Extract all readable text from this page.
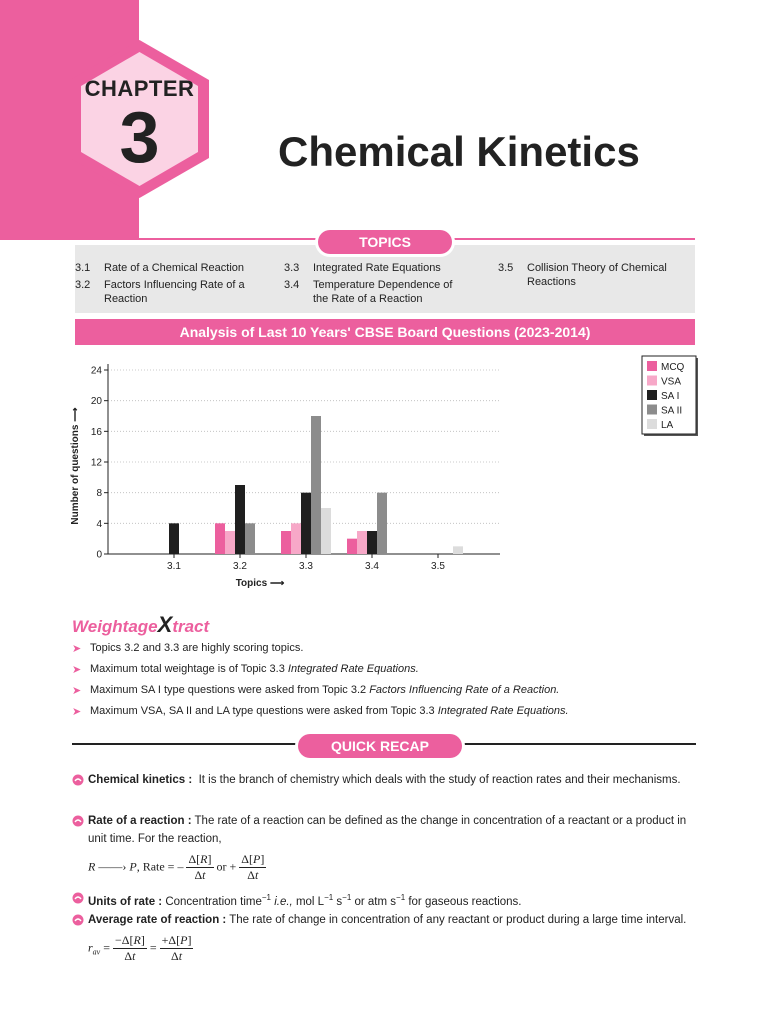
CHAPTER
3	Chemical Kinetics
3.1 Rate of a Chemical Reaction
3.2 Factors Influencing Rate of a Reaction
3.3 Integrated Rate Equations
3.4 Temperature Dependence of the Rate of a Reaction
3.5 Collision Theory of Chemical Reactions
TOPICS
Analysis of Last 10 Years' CBSE Board Questions (2023-2014)
0
4
8
12
16
20
24
3.1	3.2	3.3	3.4	3.5
Topics ⟶
Number of questions ⟶
MCQ
VSA
SA I
SA II
LA
WeightageXtract
➤ Topics 3.2 and 3.3 are highly scoring topics.
➤ Maximum total weightage is of Topic 3.3 Integrated Rate Equations.
➤ Maximum SA I type questions were asked from Topic 3.2 Factors Influencing Rate of a Reaction.
➤ Maximum VSA, SA II and LA type questions were asked from Topic 3.3 Integrated Rate Equations.
QUICK RECAP
Chemical kinetics : It is the branch of chemistry which deals with the study of reaction rates and their mechanisms.
Rate of a reaction : The rate of a reaction can be defined as the change in concentration of a reactant or a product in unit time. For the reaction,
R ——› P, Rate = – $\frac{\Delta[R]}{\Delta t}$ or + $\frac{\Delta[P]}{\Delta t}$
Units of rate : Concentration time$^{-1}$ i.e., mol $L^{-1}$ $s^{-1}$ or atm $s^{-1}$ for gaseous reactions.
Average rate of reaction : The rate of change in concentration of any reactant or product during a large time interval.
$r_{av} = \frac{-\Delta[R]}{\Delta t} = \frac{+\Delta[P]}{\Delta t}$
